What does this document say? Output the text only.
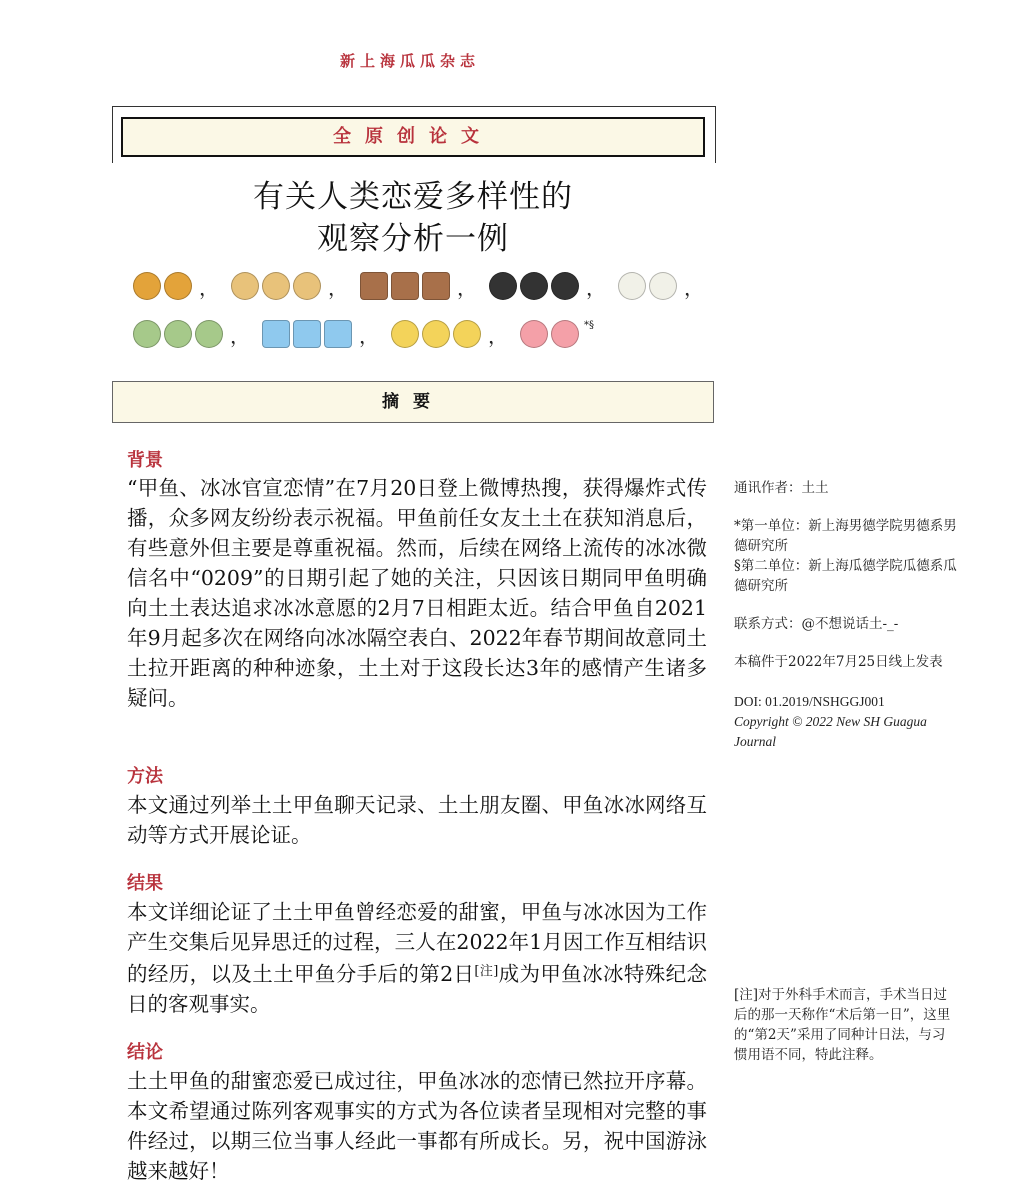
新上海瓜瓜杂志
全原创论文
有关人类恋爱多样性的
观察分析一例
，	，	，	，	，
，	，	，	*§
摘要
背景
“甲鱼、冰冰官宣恋情”在7月20日登上微博热搜，获得爆炸式传播，众多网友纷纷表示祝福。甲鱼前任女友土土在获知消息后，有些意外但主要是尊重祝福。然而，后续在网络上流传的冰冰微信名中“0209”的日期引起了她的关注，只因该日期同甲鱼明确向土土表达追求冰冰意愿的2月7日相距太近。结合甲鱼自2021年9月起多次在网络向冰冰隔空表白、2022年春节期间故意同土土拉开距离的种种迹象，土土对于这段长达3年的感情产生诸多疑问。
方法
本文通过列举土土甲鱼聊天记录、土土朋友圈、甲鱼冰冰网络互动等方式开展论证。
结果
本文详细论证了土土甲鱼曾经恋爱的甜蜜，甲鱼与冰冰因为工作产生交集后见异思迁的过程，三人在2022年1月因工作互相结识的经历，以及土土甲鱼分手后的第2日[注]成为甲鱼冰冰特殊纪念日的客观事实。
结论
土土甲鱼的甜蜜恋爱已成过往，甲鱼冰冰的恋情已然拉开序幕。本文希望通过陈列客观事实的方式为各位读者呈现相对完整的事件经过，以期三位当事人经此一事都有所成长。另，祝中国游泳越来越好！
通讯作者：土土
*第一单位：新上海男德学院男德系男德研究所
§第二单位：新上海瓜德学院瓜德系瓜德研究所
联系方式：@不想说话土-_-
本稿件于2022年7月25日线上发表
DOI: 01.2019/NSHGGJ001
Copyright © 2022 New SH Guagua Journal
[注]对于外科手术而言，手术当日过后的那一天称作“术后第一日”，这里的“第2天”采用了同种计日法，与习惯用语不同，特此注释。
